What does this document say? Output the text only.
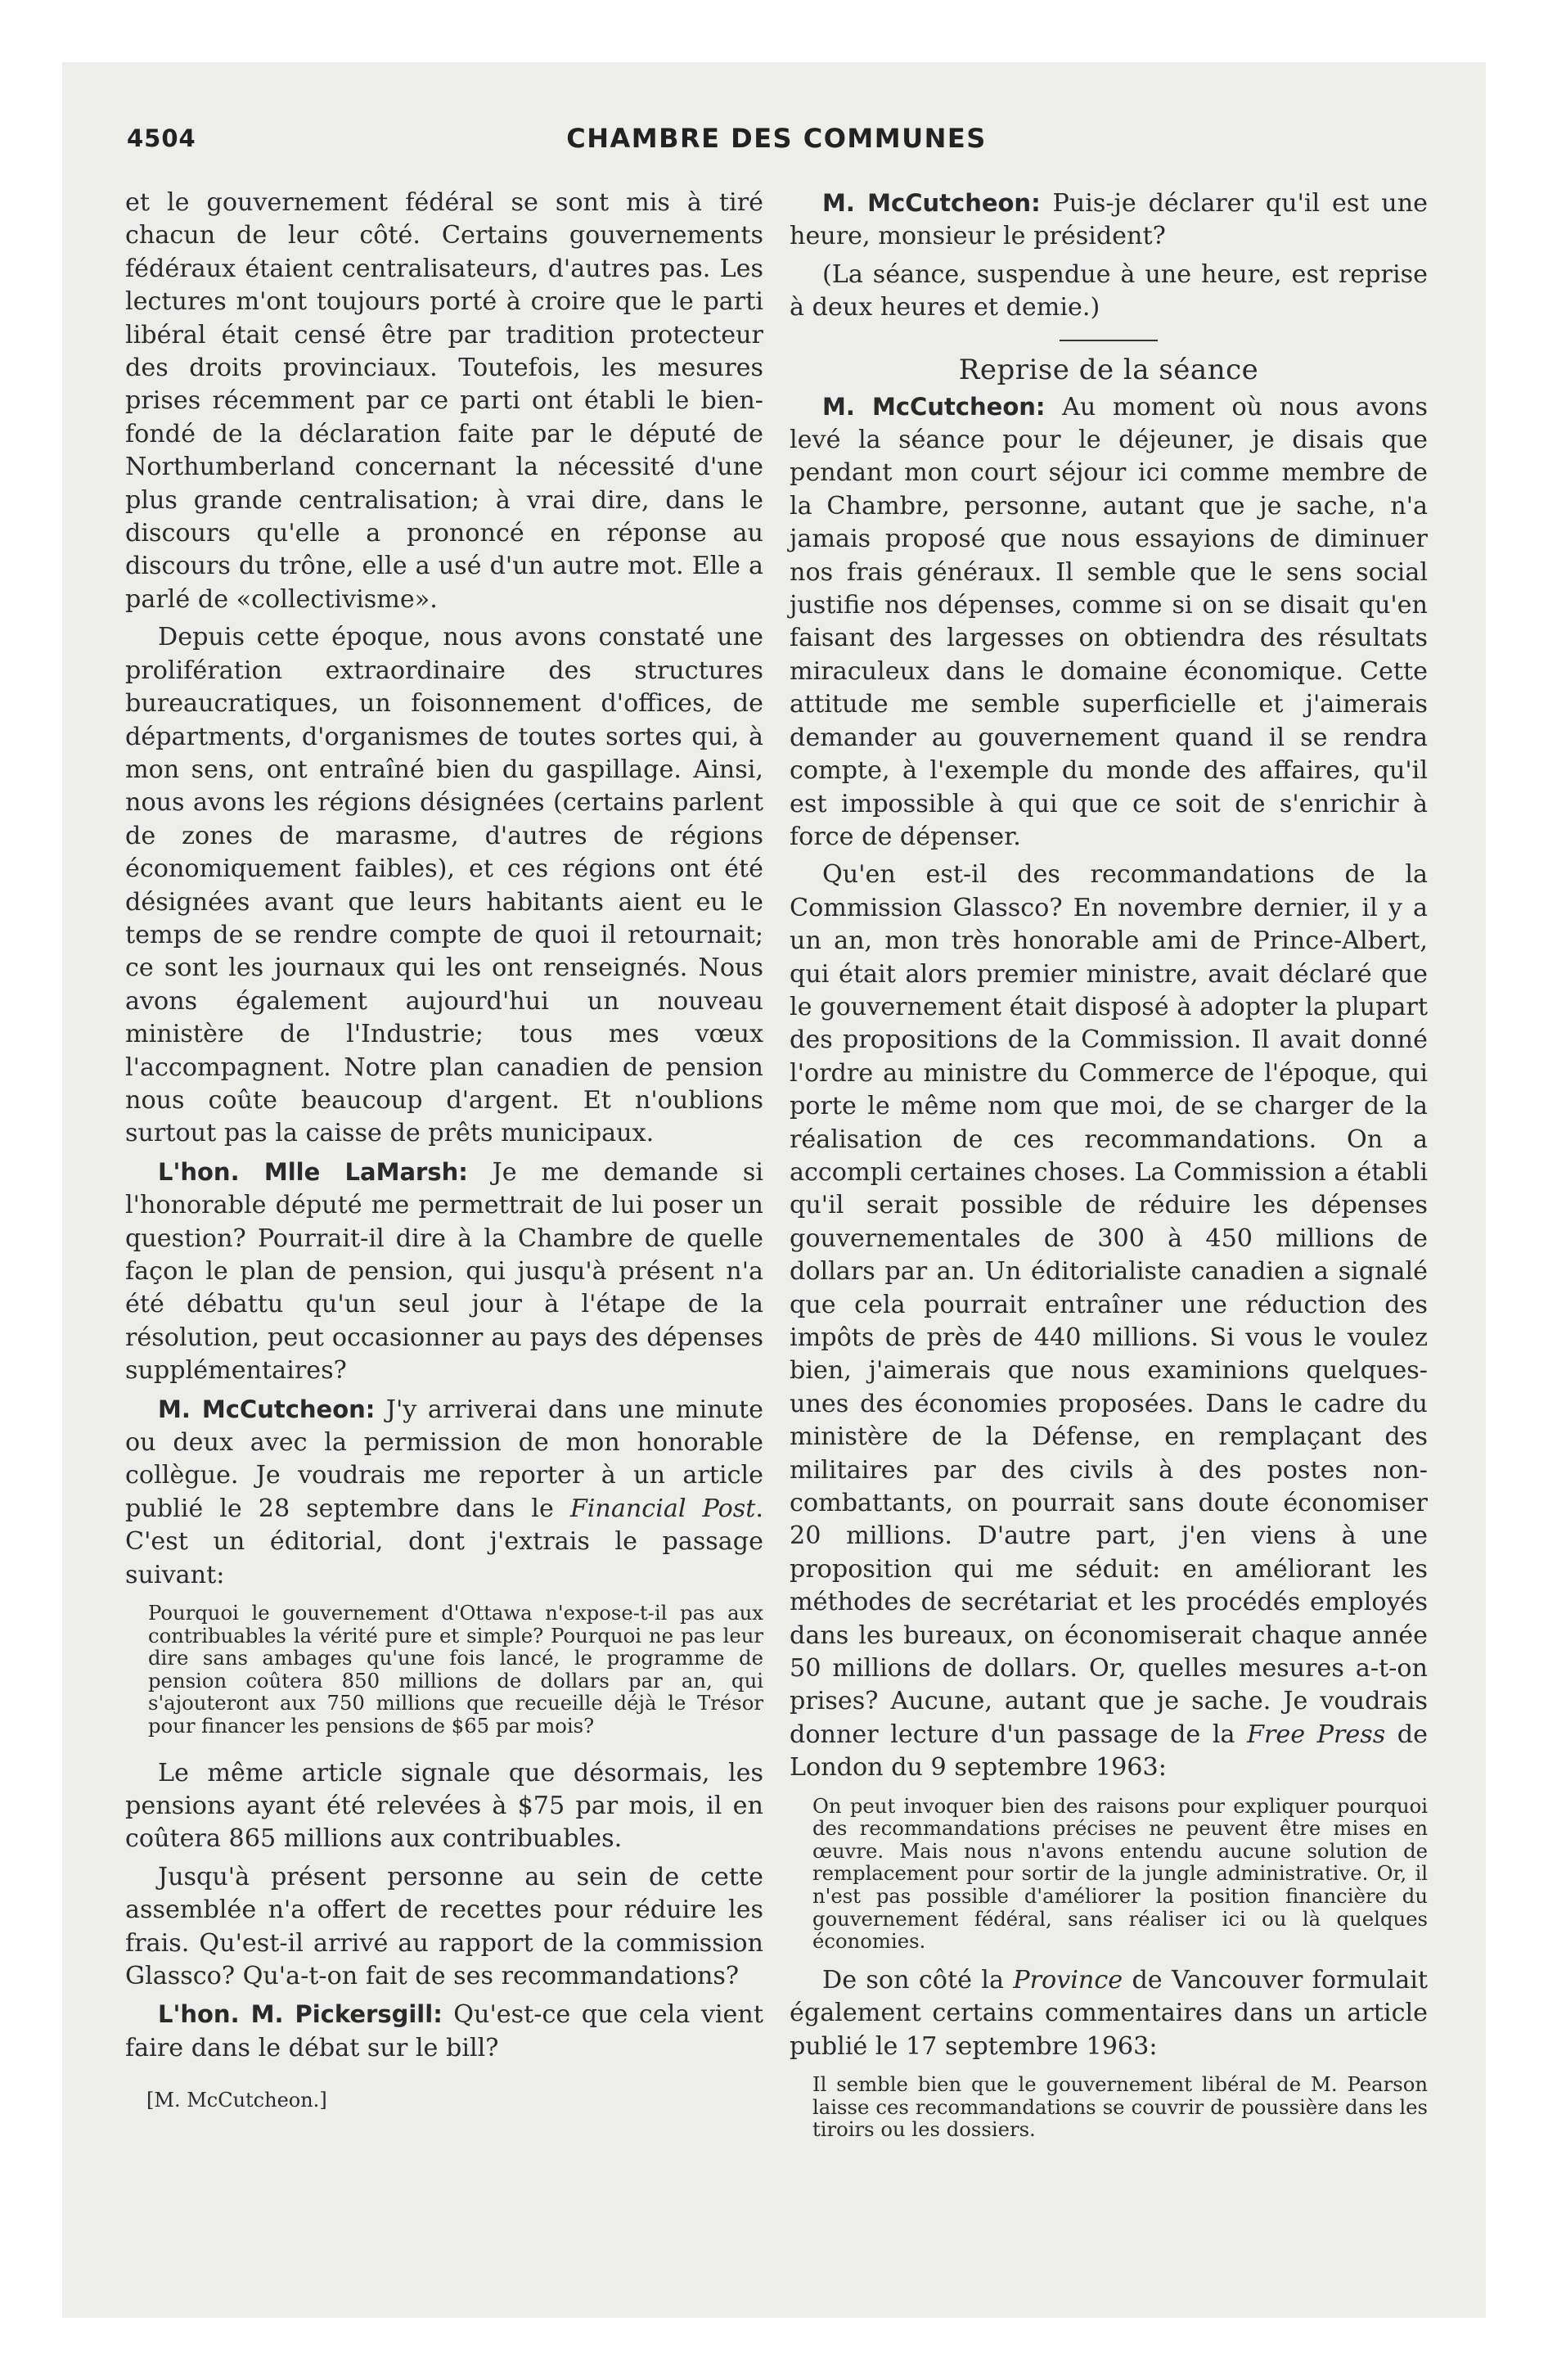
4504	CHAMBRE DES COMMUNES

et le gouvernement fédéral se sont mis à tiré chacun de leur côté. Certains gouvernements fédéraux étaient centralisateurs, d'autres pas. Les lectures m'ont toujours porté à croire que le parti libéral était censé être par tradition protecteur des droits provinciaux. Toutefois, les mesures prises récemment par ce parti ont établi le bien-fondé de la déclaration faite par le député de Northumberland concernant la nécessité d'une plus grande centralisation; à vrai dire, dans le discours qu'elle a prononcé en réponse au discours du trône, elle a usé d'un autre mot. Elle a parlé de «collectivisme».

Depuis cette époque, nous avons constaté une prolifération extraordinaire des structures bureaucratiques, un foisonnement d'offices, de départments, d'organismes de toutes sortes qui, à mon sens, ont entraîné bien du gaspillage. Ainsi, nous avons les régions désignées (certains parlent de zones de marasme, d'autres de régions économiquement faibles), et ces régions ont été désignées avant que leurs habitants aient eu le temps de se rendre compte de quoi il retournait; ce sont les journaux qui les ont renseignés. Nous avons également aujourd'hui un nouveau ministère de l'Industrie; tous mes vœux l'accompagnent. Notre plan canadien de pension nous coûte beaucoup d'argent. Et n'oublions surtout pas la caisse de prêts municipaux.

L'hon. Mlle LaMarsh: Je me demande si l'honorable député me permettrait de lui poser un question? Pourrait-il dire à la Chambre de quelle façon le plan de pension, qui jusqu'à présent n'a été débattu qu'un seul jour à l'étape de la résolution, peut occasionner au pays des dépenses supplémentaires?

M. McCutcheon: J'y arriverai dans une minute ou deux avec la permission de mon honorable collègue. Je voudrais me reporter à un article publié le 28 septembre dans le Financial Post. C'est un éditorial, dont j'extrais le passage suivant:

Pourquoi le gouvernement d'Ottawa n'expose-t-il pas aux contribuables la vérité pure et simple? Pourquoi ne pas leur dire sans ambages qu'une fois lancé, le programme de pension coûtera 850 millions de dollars par an, qui s'ajouteront aux 750 millions que recueille déjà le Trésor pour financer les pensions de $65 par mois?

Le même article signale que désormais, les pensions ayant été relevées à $75 par mois, il en coûtera 865 millions aux contribuables.

Jusqu'à présent personne au sein de cette assemblée n'a offert de recettes pour réduire les frais. Qu'est-il arrivé au rapport de la commission Glassco? Qu'a-t-on fait de ses recommandations?

L'hon. M. Pickersgill: Qu'est-ce que cela vient faire dans le débat sur le bill?

[M. McCutcheon.]

M. McCutcheon: Puis-je déclarer qu'il est une heure, monsieur le président?

(La séance, suspendue à une heure, est reprise à deux heures et demie.)

Reprise de la séance

M. McCutcheon: Au moment où nous avons levé la séance pour le déjeuner, je disais que pendant mon court séjour ici comme membre de la Chambre, personne, autant que je sache, n'a jamais proposé que nous essayions de diminuer nos frais généraux. Il semble que le sens social justifie nos dépenses, comme si on se disait qu'en faisant des largesses on obtiendra des résultats miraculeux dans le domaine économique. Cette attitude me semble superficielle et j'aimerais demander au gouvernement quand il se rendra compte, à l'exemple du monde des affaires, qu'il est impossible à qui que ce soit de s'enrichir à force de dépenser.

Qu'en est-il des recommandations de la Commission Glassco? En novembre dernier, il y a un an, mon très honorable ami de Prince-Albert, qui était alors premier ministre, avait déclaré que le gouvernement était disposé à adopter la plupart des propositions de la Commission. Il avait donné l'ordre au ministre du Commerce de l'époque, qui porte le même nom que moi, de se charger de la réalisation de ces recommandations. On a accompli certaines choses. La Commission a établi qu'il serait possible de réduire les dépenses gouvernementales de 300 à 450 millions de dollars par an. Un éditorialiste canadien a signalé que cela pourrait entraîner une réduction des impôts de près de 440 millions. Si vous le voulez bien, j'aimerais que nous examinions quelques-unes des économies proposées. Dans le cadre du ministère de la Défense, en remplaçant des militaires par des civils à des postes non-combattants, on pourrait sans doute économiser 20 millions. D'autre part, j'en viens à une proposition qui me séduit: en améliorant les méthodes de secrétariat et les procédés employés dans les bureaux, on économiserait chaque année 50 millions de dollars. Or, quelles mesures a-t-on prises? Aucune, autant que je sache. Je voudrais donner lecture d'un passage de la Free Press de London du 9 septembre 1963:

On peut invoquer bien des raisons pour expliquer pourquoi des recommandations précises ne peuvent être mises en œuvre. Mais nous n'avons entendu aucune solution de remplacement pour sortir de la jungle administrative. Or, il n'est pas possible d'améliorer la position financière du gouvernement fédéral, sans réaliser ici ou là quelques économies.

De son côté la Province de Vancouver formulait également certains commentaires dans un article publié le 17 septembre 1963:

Il semble bien que le gouvernement libéral de M. Pearson laisse ces recommandations se couvrir de poussière dans les tiroirs ou les dossiers.
